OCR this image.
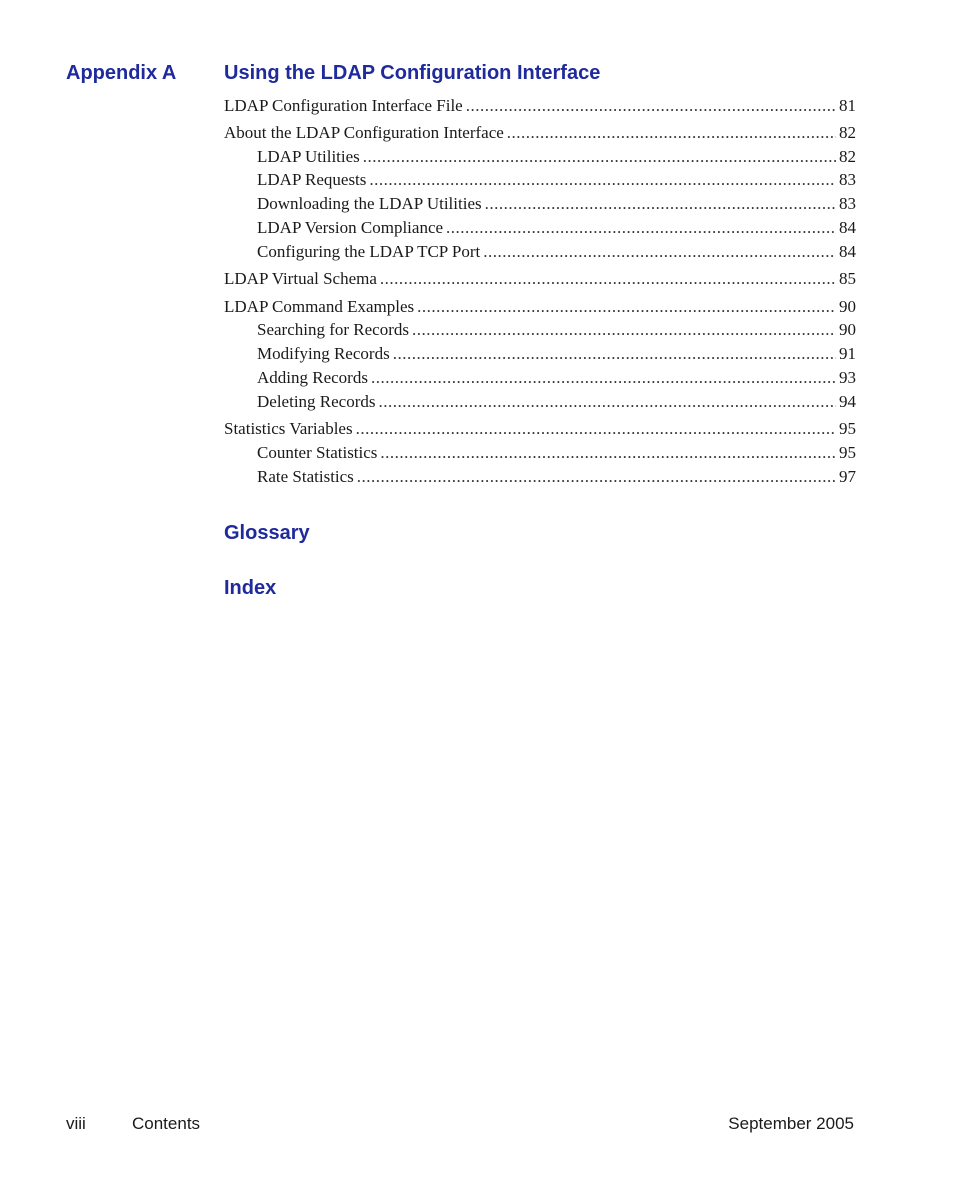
Appendix A Using the LDAP Configuration Interface
LDAP Configuration Interface File .....	81
About the LDAP Configuration Interface .....	82
LDAP Utilities .....	82
LDAP Requests .....	83
Downloading the LDAP Utilities .....	83
LDAP Version Compliance .....	84
Configuring the LDAP TCP Port .....	84
LDAP Virtual Schema .....	85
LDAP Command Examples .....	90
Searching for Records .....	90
Modifying Records .....	91
Adding Records .....	93
Deleting Records .....	94
Statistics Variables .....	95
Counter Statistics .....	95
Rate Statistics .....	97
Glossary
Index
viii	Contents	September 2005
